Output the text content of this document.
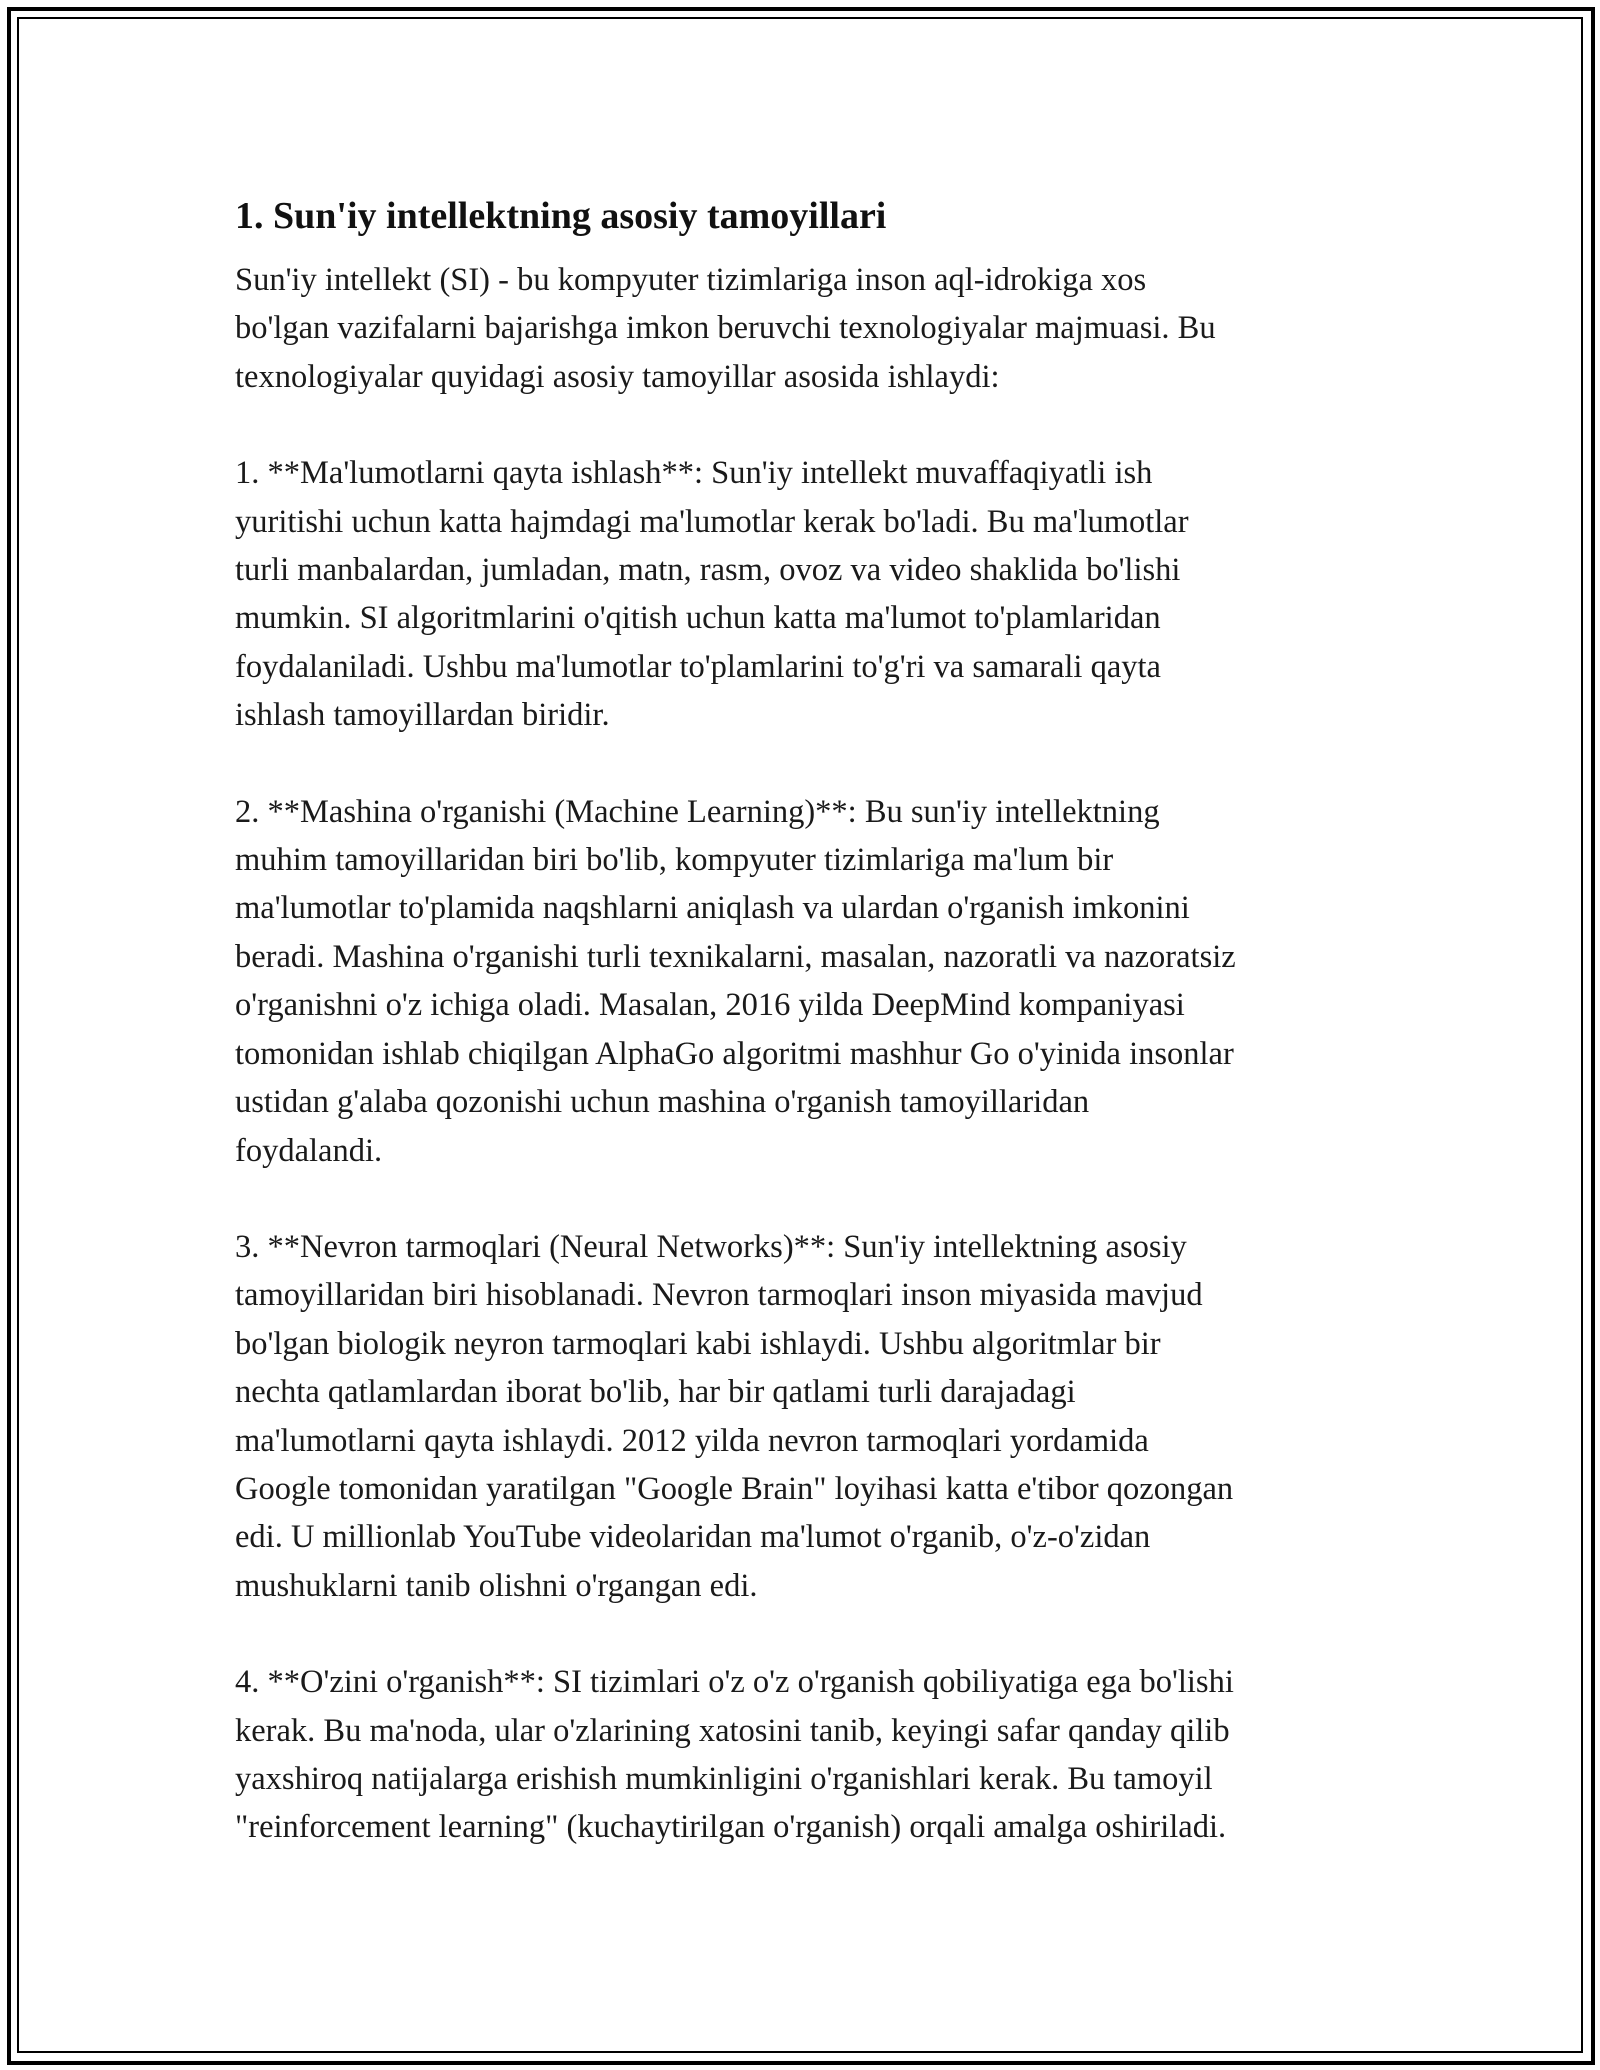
1. Sun'iy intellektning asosiy tamoyillari

Sun'iy intellekt (SI) - bu kompyuter tizimlariga inson aql-idrokiga xos
bo'lgan vazifalarni bajarishga imkon beruvchi texnologiyalar majmuasi. Bu
texnologiyalar quyidagi asosiy tamoyillar asosida ishlaydi:

1. **Ma'lumotlarni qayta ishlash**: Sun'iy intellekt muvaffaqiyatli ish
yuritishi uchun katta hajmdagi ma'lumotlar kerak bo'ladi. Bu ma'lumotlar
turli manbalardan, jumladan, matn, rasm, ovoz va video shaklida bo'lishi
mumkin. SI algoritmlarini o'qitish uchun katta ma'lumot to'plamlaridan
foydalaniladi. Ushbu ma'lumotlar to'plamlarini to'g'ri va samarali qayta
ishlash tamoyillardan biridir.

2. **Mashina o'rganishi (Machine Learning)**: Bu sun'iy intellektning
muhim tamoyillaridan biri bo'lib, kompyuter tizimlariga ma'lum bir
ma'lumotlar to'plamida naqshlarni aniqlash va ulardan o'rganish imkonini
beradi. Mashina o'rganishi turli texnikalarni, masalan, nazoratli va nazoratsiz
o'rganishni o'z ichiga oladi. Masalan, 2016 yilda DeepMind kompaniyasi
tomonidan ishlab chiqilgan AlphaGo algoritmi mashhur Go o'yinida insonlar
ustidan g'alaba qozonishi uchun mashina o'rganish tamoyillaridan
foydalandi.

3. **Nevron tarmoqlari (Neural Networks)**: Sun'iy intellektning asosiy
tamoyillaridan biri hisoblanadi. Nevron tarmoqlari inson miyasida mavjud
bo'lgan biologik neyron tarmoqlari kabi ishlaydi. Ushbu algoritmlar bir
nechta qatlamlardan iborat bo'lib, har bir qatlami turli darajadagi
ma'lumotlarni qayta ishlaydi. 2012 yilda nevron tarmoqlari yordamida
Google tomonidan yaratilgan "Google Brain" loyihasi katta e'tibor qozongan
edi. U millionlab YouTube videolaridan ma'lumot o'rganib, o'z-o'zidan
mushuklarni tanib olishni o'rgangan edi.

4. **O'zini o'rganish**: SI tizimlari o'z o'z o'rganish qobiliyatiga ega bo'lishi
kerak. Bu ma'noda, ular o'zlarining xatosini tanib, keyingi safar qanday qilib
yaxshiroq natijalarga erishish mumkinligini o'rganishlari kerak. Bu tamoyil
"reinforcement learning" (kuchaytirilgan o'rganish) orqali amalga oshiriladi.
